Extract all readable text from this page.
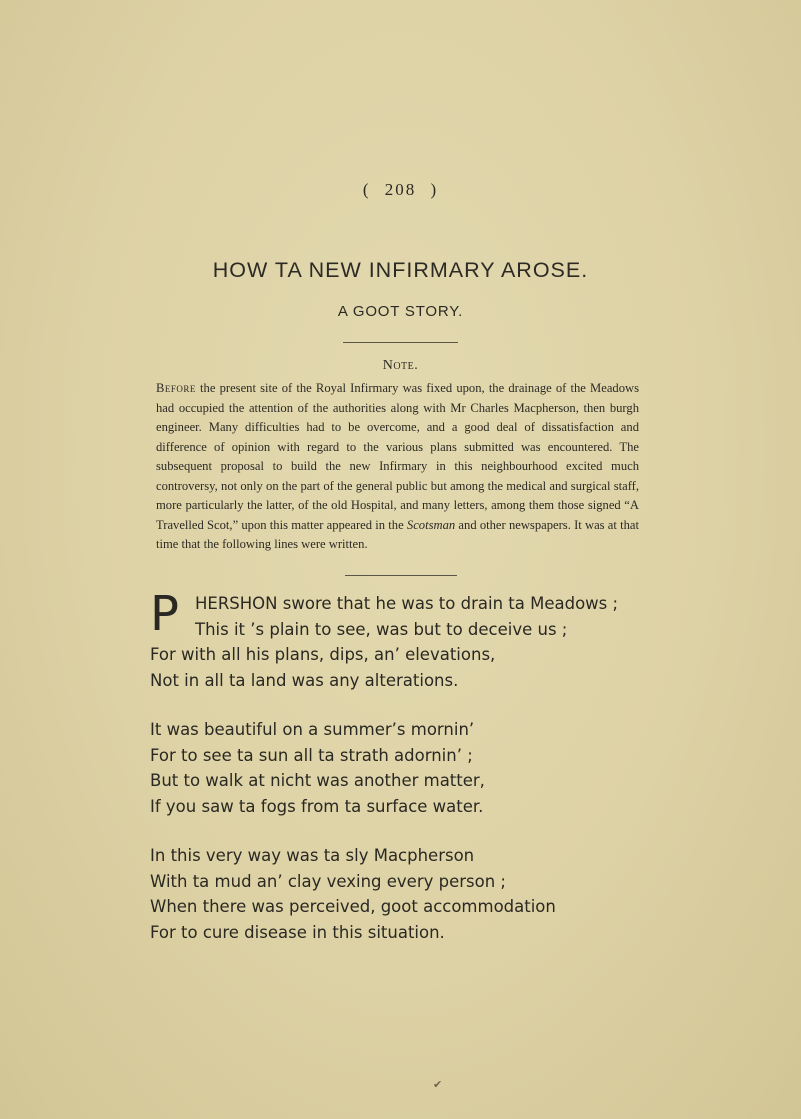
( 208 )
HOW TA NEW INFIRMARY AROSE.
A GOOT STORY.
Note.
Before the present site of the Royal Infirmary was fixed upon, the drainage of the Meadows had occupied the attention of the authorities along with Mr Charles Macpherson, then burgh engineer. Many difficulties had to be overcome, and a good deal of dissatisfaction and difference of opinion with regard to the various plans submitted was encountered. The subsequent proposal to build the new Infirmary in this neighbourhood excited much controversy, not only on the part of the general public but among the medical and surgical staff, more particularly the latter, of the old Hospital, and many letters, among them those signed “A Travelled Scot,” upon this matter appeared in the Scotsman and other newspapers. It was at that time that the following lines were written.
P HERSHON swore that he was to drain ta Meadows ;
This it ’s plain to see, was but to deceive us ;
For with all his plans, dips, an’ elevations,
Not in all ta land was any alterations.
It was beautiful on a summer’s mornin’
For to see ta sun all ta strath adornin’ ;
But to walk at nicht was another matter,
If you saw ta fogs from ta surface water.
In this very way was ta sly Macpherson
With ta mud an’ clay vexing every person ;
When there was perceived, goot accommodation
For to cure disease in this situation.
✔
